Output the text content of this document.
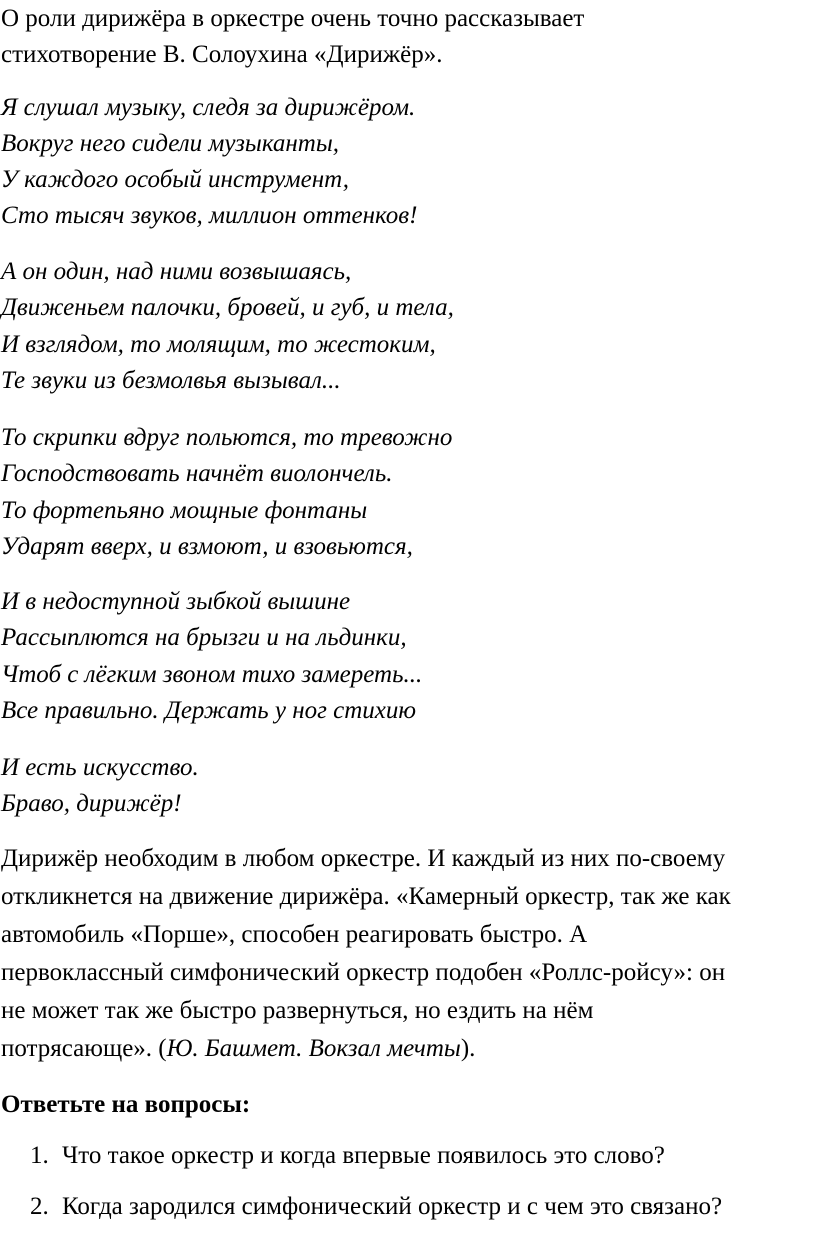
О роли дирижёра в оркестре очень точно рассказывает
стихотворение В. Солоухина «Дирижёр».
Я слушал музыку, следя за дирижёром.
Вокруг него сидели музыканты,
У каждого особый инструмент,
Сто тысяч звуков, миллион оттенков!
А он один, над ними возвышаясь,
Движеньем палочки, бровей, и губ, и тела,
И взглядом, то молящим, то жестоким,
Те звуки из безмолвья вызывал...
То скрипки вдруг польются, то тревожно
Господствовать начнёт виолончель.
То фортепьяно мощные фонтаны
Ударят вверх, и взмоют, и взовьются,
И в недоступной зыбкой вышине
Рассыплются на брызги и на льдинки,
Чтоб с лёгким звоном тихо замереть...
Все правильно. Держать у ног стихию
И есть искусство.
Браво, дирижёр!
Дирижёр необходим в любом оркестре. И каждый из них по-своему
откликнется на движение дирижёра. «Камерный оркестр, так же как
автомобиль «Порше», способен реагировать быстро. А
первоклассный симфонический оркестр подобен «Роллс-ройсу»: он
не может так же быстро развернуться, но ездить на нём
потрясающе». (Ю. Башмет. Вокзал мечты).
Ответьте на вопросы:
1. Что такое оркестр и когда впервые появилось это слово?
2. Когда зародился симфонический оркестр и с чем это связано?
